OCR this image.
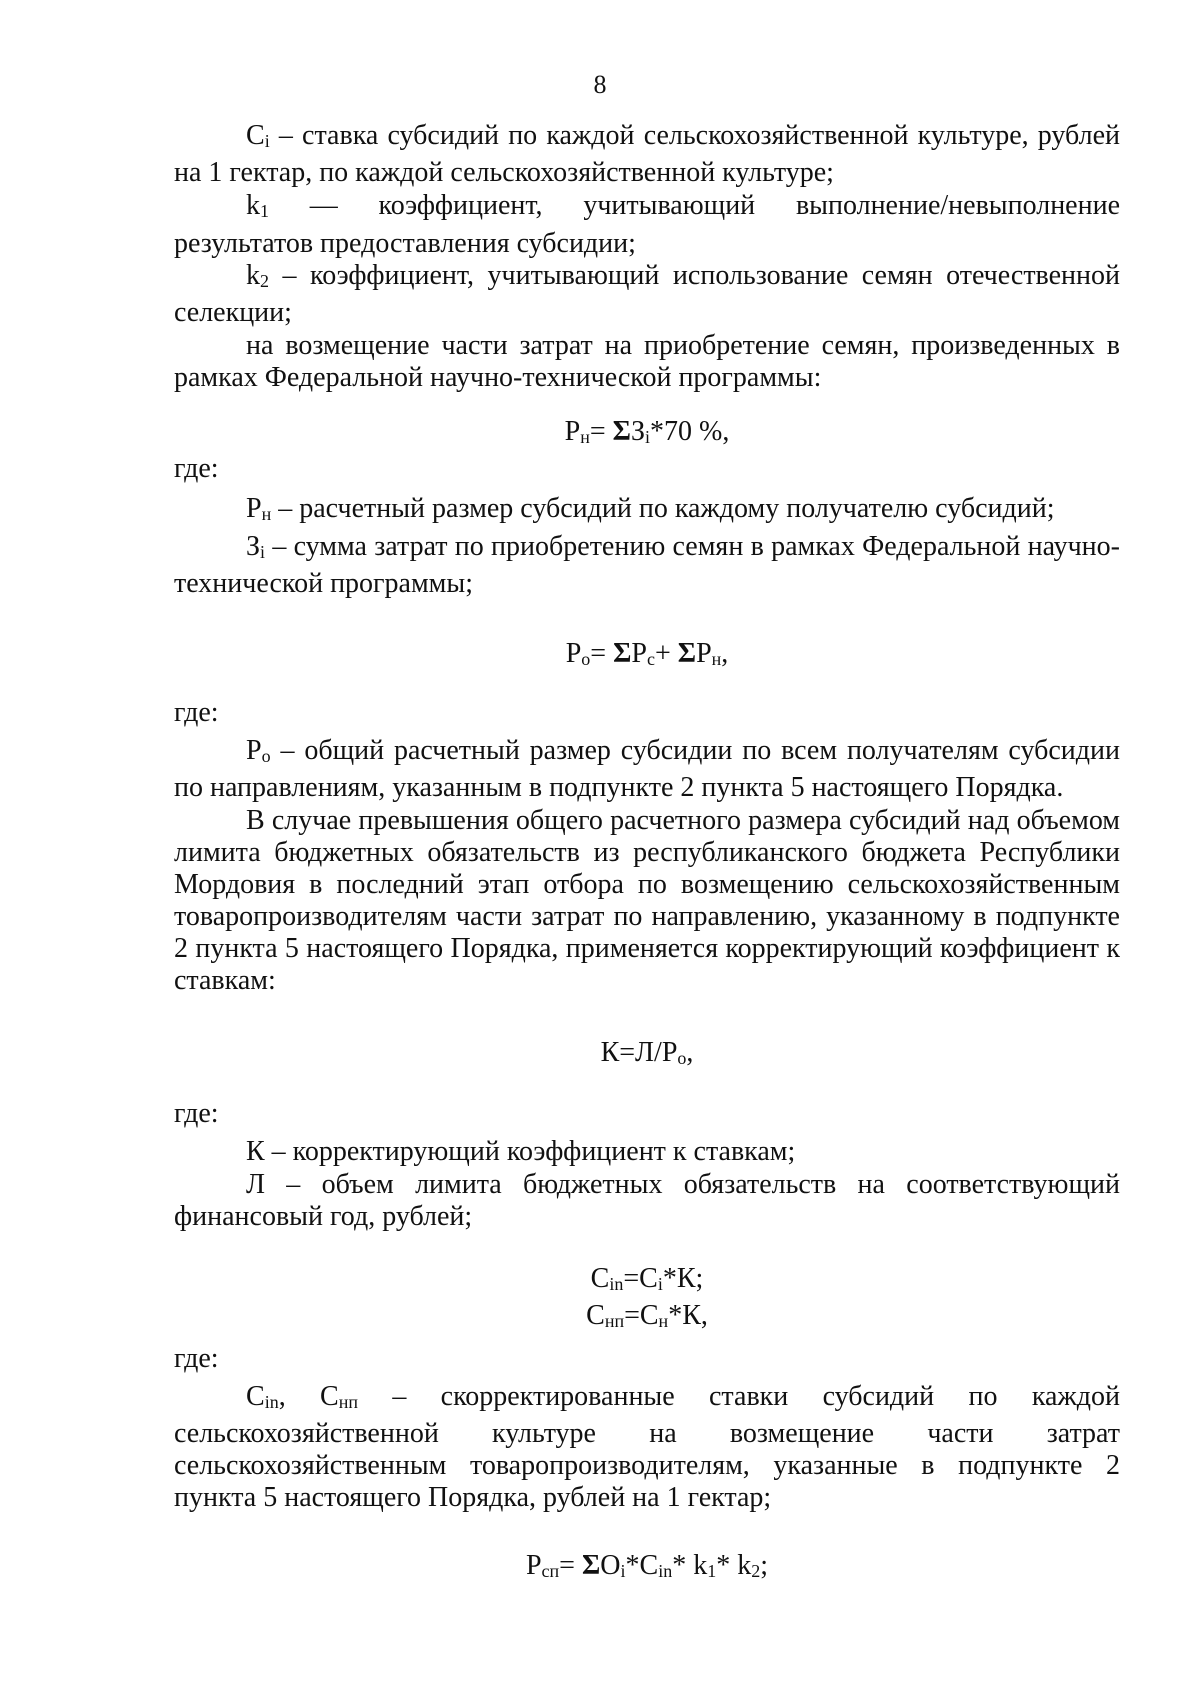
8

Сi – ставка субсидий по каждой сельскохозяйственной культуре, рублей на 1 гектар, по каждой сельскохозяйственной культуре;

k1 — коэффициент, учитывающий выполнение/невыполнение

результатов предоставления субсидии;

k2 – коэффициент, учитывающий использование семян отечественной селекции;

на возмещение части затрат на приобретение семян, произведенных в рамках Федеральной научно-технической программы:

Рн= ΣЗi*70 %,

где:

Рн – расчетный размер субсидий по каждому получателю субсидий;

Зi – сумма затрат по приобретению семян в рамках Федеральной научно-технической программы;

Ро= ΣРс+ ΣРн,

где:

Ро – общий расчетный размер субсидии по всем получателям субсидии по направлениям, указанным в подпункте 2 пункта 5 настоящего Порядка.

В случае превышения общего расчетного размера субсидий над объемом лимита бюджетных обязательств из республиканского бюджета Республики Мордовия в последний этап отбора по возмещению сельскохозяйственным товаропроизводителям части затрат по направлению, указанному в подпункте 2 пункта 5 настоящего Порядка, применяется корректирующий коэффициент к ставкам:

К=Л/Ро,

где:

К – корректирующий коэффициент к ставкам;

Л – объем лимита бюджетных обязательств на соответствующий финансовый год, рублей;

Сin=Сi*К;

Снп=Сн*К,

где:

Сin, Снп – скорректированные ставки субсидий по каждой сельскохозяйственной культуре на возмещение части затрат сельскохозяйственным товаропроизводителям, указанные в подпункте 2 пункта 5 настоящего Порядка, рублей на 1 гектар;

Рсп= ΣОi*Сin* k1* k2;
